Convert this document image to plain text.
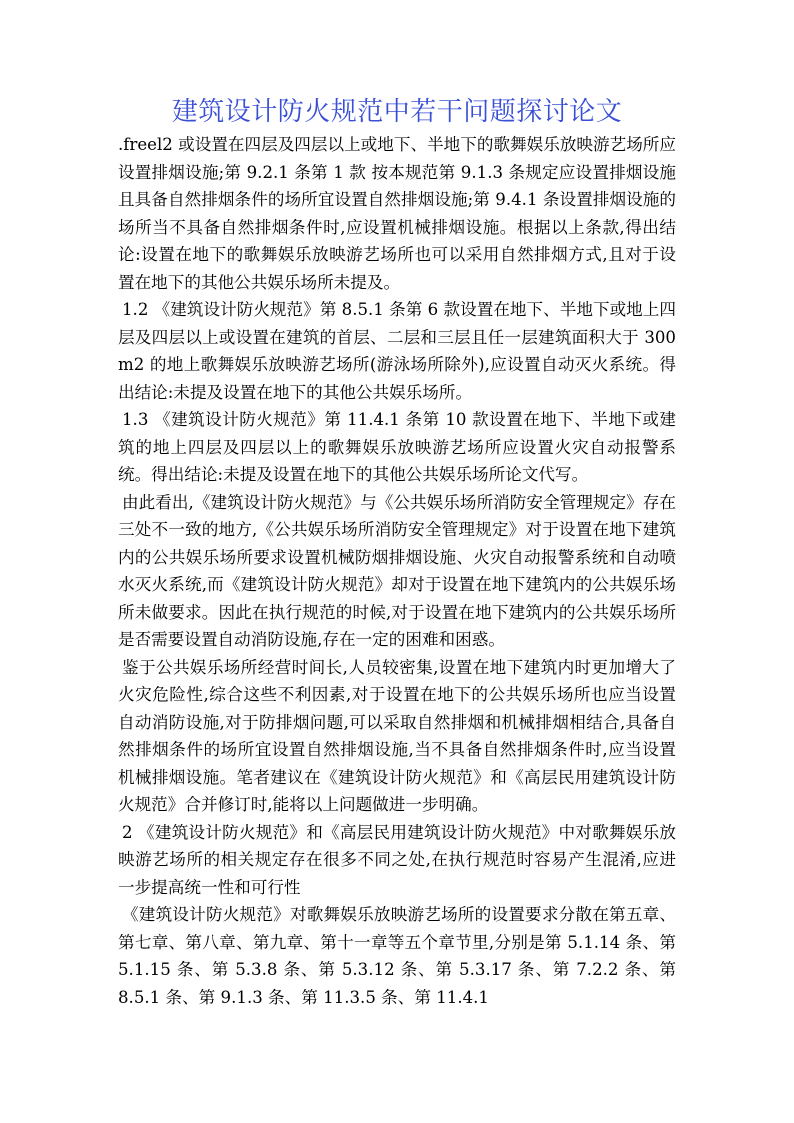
建筑设计防火规范中若干问题探讨论文

.freel2 或设置在四层及四层以上或地下、半地下的歌舞娱乐放映游艺场所应设置排烟设施;第 9.2.1 条第 1 款 按本规范第 9.1.3 条规定应设置排烟设施且具备自然排烟条件的场所宜设置自然排烟设施;第 9.4.1 条设置排烟设施的场所当不具备自然排烟条件时,应设置机械排烟设施。根据以上条款,得出结论:设置在地下的歌舞娱乐放映游艺场所也可以采用自然排烟方式,且对于设置在地下的其他公共娱乐场所未提及。

1.2 《建筑设计防火规范》第 8.5.1 条第 6 款设置在地下、半地下或地上四层及四层以上或设置在建筑的首层、二层和三层且任一层建筑面积大于 300m2 的地上歌舞娱乐放映游艺场所(游泳场所除外),应设置自动灭火系统。得出结论:未提及设置在地下的其他公共娱乐场所。

1.3 《建筑设计防火规范》第 11.4.1 条第 10 款设置在地下、半地下或建筑的地上四层及四层以上的歌舞娱乐放映游艺场所应设置火灾自动报警系统。得出结论:未提及设置在地下的其他公共娱乐场所论文代写。

由此看出,《建筑设计防火规范》与《公共娱乐场所消防安全管理规定》存在三处不一致的地方,《公共娱乐场所消防安全管理规定》对于设置在地下建筑内的公共娱乐场所要求设置机械防烟排烟设施、火灾自动报警系统和自动喷水灭火系统,而《建筑设计防火规范》却对于设置在地下建筑内的公共娱乐场所未做要求。因此在执行规范的时候,对于设置在地下建筑内的公共娱乐场所是否需要设置自动消防设施,存在一定的困难和困惑。

鉴于公共娱乐场所经营时间长,人员较密集,设置在地下建筑内时更加增大了火灾危险性,综合这些不利因素,对于设置在地下的公共娱乐场所也应当设置自动消防设施,对于防排烟问题,可以采取自然排烟和机械排烟相结合,具备自然排烟条件的场所宜设置自然排烟设施,当不具备自然排烟条件时,应当设置机械排烟设施。笔者建议在《建筑设计防火规范》和《高层民用建筑设计防火规范》合并修订时,能将以上问题做进一步明确。

2 《建筑设计防火规范》和《高层民用建筑设计防火规范》中对歌舞娱乐放映游艺场所的相关规定存在很多不同之处,在执行规范时容易产生混淆,应进一步提高统一性和可行性

《建筑设计防火规范》对歌舞娱乐放映游艺场所的设置要求分散在第五章、第七章、第八章、第九章、第十一章等五个章节里,分别是第 5.1.14 条、第 5.1.15 条、第 5.3.8 条、第 5.3.12 条、第 5.3.17 条、第 7.2.2 条、第 8.5.1 条、第 9.1.3 条、第 11.3.5 条、第 11.4.1
